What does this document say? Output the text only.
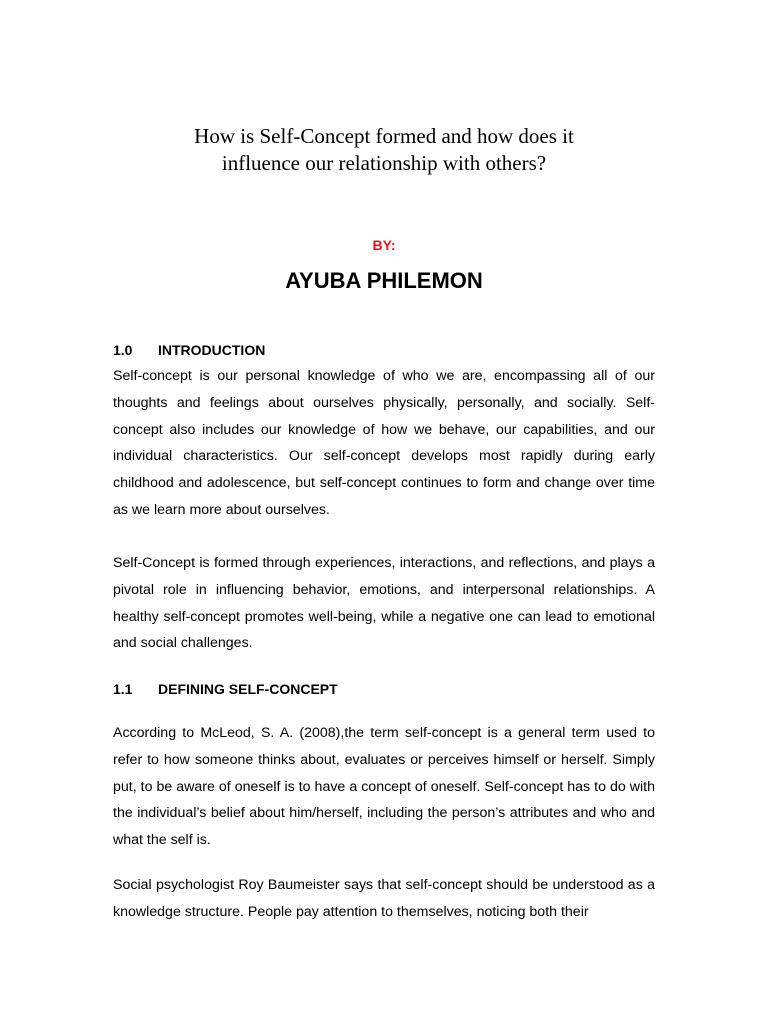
How is Self-Concept formed and how does it
influence our relationship with others?
BY:
AYUBA PHILEMON
1.0 INTRODUCTION

Self-concept is our personal knowledge of who we are, encompassing all of our thoughts and feelings about ourselves physically, personally, and socially. Self-concept also includes our knowledge of how we behave, our capabilities, and our individual characteristics. Our self-concept develops most rapidly during early childhood and adolescence, but self-concept continues to form and change over time as we learn more about ourselves.

Self-Concept is formed through experiences, interactions, and reflections, and plays a pivotal role in influencing behavior, emotions, and interpersonal relationships. A healthy self-concept promotes well-being, while a negative one can lead to emotional and social challenges.

1.1 DEFINING SELF-CONCEPT

According to McLeod, S. A. (2008),the term self-concept is a general term used to refer to how someone thinks about, evaluates or perceives himself or herself. Simply put, to be aware of oneself is to have a concept of oneself. Self-concept has to do with the individual’s belief about him/herself, including the person’s attributes and who and what the self is.

Social psychologist Roy Baumeister says that self-concept should be understood as a knowledge structure. People pay attention to themselves, noticing both their
